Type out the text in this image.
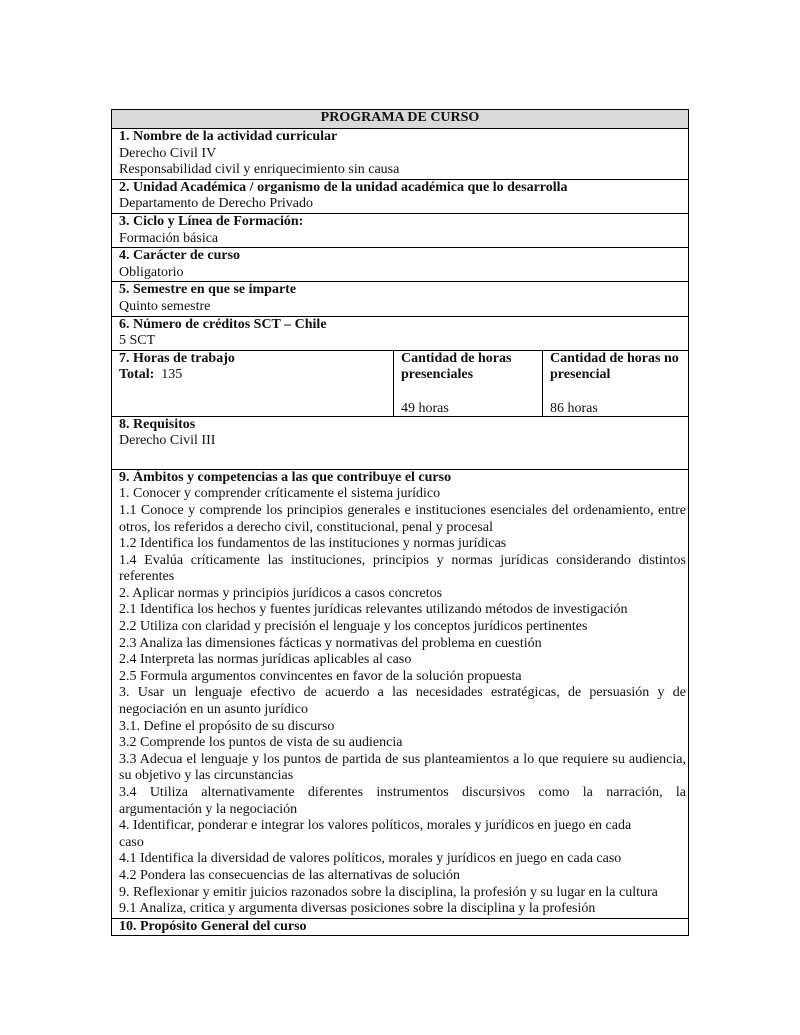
PROGRAMA DE CURSO
1. Nombre de la actividad curricular
Derecho Civil IV
Responsabilidad civil y enriquecimiento sin causa
2. Unidad Académica / organismo de la unidad académica que lo desarrolla
Departamento de Derecho Privado
3. Ciclo y Línea de Formación:
Formación básica
4. Carácter de curso
Obligatorio
5. Semestre en que se imparte
Quinto semestre
6. Número de créditos SCT – Chile
5 SCT
7. Horas de trabajo
Total: 135
Cantidad de horas
presenciales
49 horas
Cantidad de horas no
presencial
86 horas
8. Requisitos
Derecho Civil III
9. Ámbitos y competencias a las que contribuye el curso
1. Conocer y comprender críticamente el sistema jurídico
1.1 Conoce y comprende los principios generales e instituciones esenciales del ordenamiento, entre
otros, los referidos a derecho civil, constitucional, penal y procesal
1.2 Identifica los fundamentos de las instituciones y normas jurídicas
1.4 Evalúa críticamente las instituciones, principios y normas jurídicas considerando distintos
referentes
2. Aplicar normas y principios jurídicos a casos concretos
2.1 Identifica los hechos y fuentes jurídicas relevantes utilizando métodos de investigación
2.2 Utiliza con claridad y precisión el lenguaje y los conceptos jurídicos pertinentes
2.3 Analiza las dimensiones fácticas y normativas del problema en cuestión
2.4 Interpreta las normas jurídicas aplicables al caso
2.5 Formula argumentos convincentes en favor de la solución propuesta
3. Usar un lenguaje efectivo de acuerdo a las necesidades estratégicas, de persuasión y de
negociación en un asunto jurídico
3.1. Define el propósito de su discurso
3.2 Comprende los puntos de vista de su audiencia
3.3 Adecua el lenguaje y los puntos de partida de sus planteamientos a lo que requiere su audiencia,
su objetivo y las circunstancias
3.4 Utiliza alternativamente diferentes instrumentos discursivos como la narración, la
argumentación y la negociación
4. Identificar, ponderar e integrar los valores políticos, morales y jurídicos en juego en cada
caso
4.1 Identifica la diversidad de valores políticos, morales y jurídicos en juego en cada caso
4.2 Pondera las consecuencias de las alternativas de solución
9. Reflexionar y emitir juicios razonados sobre la disciplina, la profesión y su lugar en la cultura
9.1 Analiza, critica y argumenta diversas posiciones sobre la disciplina y la profesión
10. Propósito General del curso
